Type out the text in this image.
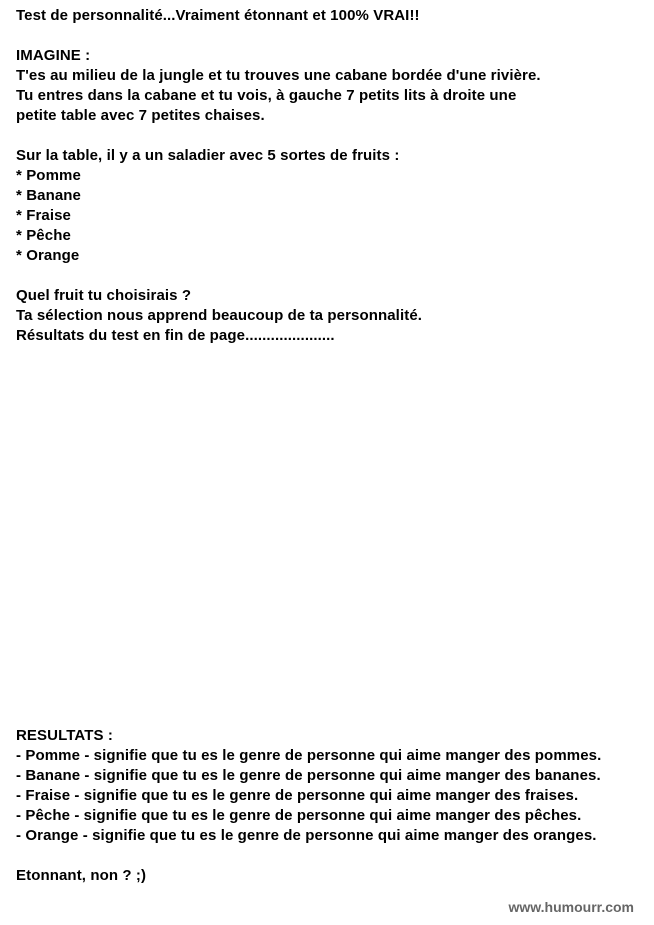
Test de personnalité...Vraiment étonnant et 100% VRAI!!
IMAGINE :
T'es au milieu de la jungle et tu trouves une cabane bordée d'une rivière.
Tu entres dans la cabane et tu vois, à gauche 7 petits lits à droite une
petite table avec 7 petites chaises.
Sur la table, il y a un saladier avec 5 sortes de fruits :
* Pomme
* Banane
* Fraise
* Pêche
* Orange
Quel fruit tu choisirais ?
Ta sélection nous apprend beaucoup de ta personnalité.
Résultats du test en fin de page.....................
RESULTATS :
- Pomme - signifie que tu es le genre de personne qui aime manger des pommes.
- Banane - signifie que tu es le genre de personne qui aime manger des bananes.
- Fraise - signifie que tu es le genre de personne qui aime manger des fraises.
- Pêche - signifie que tu es le genre de personne qui aime manger des pêches.
- Orange - signifie que tu es le genre de personne qui aime manger des oranges.
Etonnant, non ? ;)
www.humourr.com
